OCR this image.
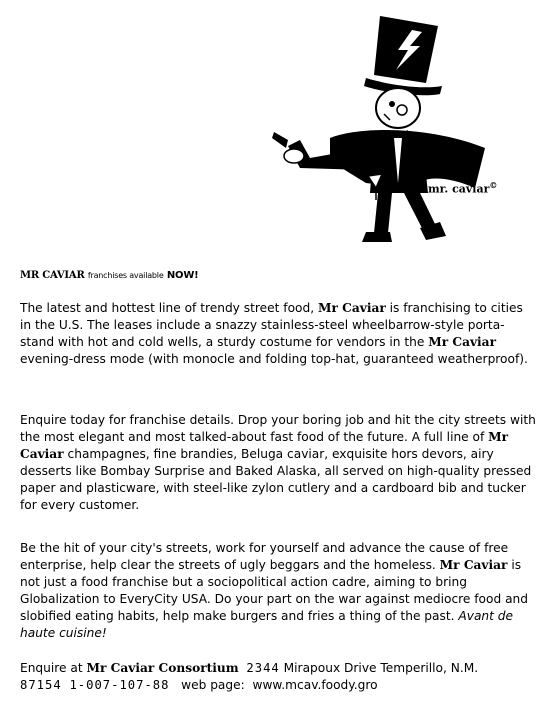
mr. caviar©
MR CAVIAR franchises available NOW!
The latest and hottest line of trendy street food, Mr Caviar is franchising to cities in the U.S. The leases include a snazzy stainless-steel wheelbarrow-style porta-stand with hot and cold wells, a sturdy costume for vendors in the Mr Caviar evening-dress mode (with monocle and folding top-hat, guaranteed weatherproof).
Enquire today for franchise details. Drop your boring job and hit the city streets with the most elegant and most talked-about fast food of the future. A full line of Mr Caviar champagnes, fine brandies, Beluga caviar, exquisite hors devors, airy desserts like Bombay Surprise and Baked Alaska, all served on high-quality pressed paper and plasticware, with steel-like zylon cutlery and a cardboard bib and tucker for every customer.
Be the hit of your city's streets, work for yourself and advance the cause of free enterprise, help clear the streets of ugly beggars and the homeless. Mr Caviar is not just a food franchise but a sociopolitical action cadre, aiming to bring Globalization to EveryCity USA. Do your part on the war against mediocre food and slobified eating habits, help make burgers and fries a thing of the past. Avant de haute cuisine!
Enquire at Mr Caviar Consortium 2344 Mirapoux Drive Temperillo, N.M.
87154 1-007-107-88 web page: www.mcav.foody.gro
